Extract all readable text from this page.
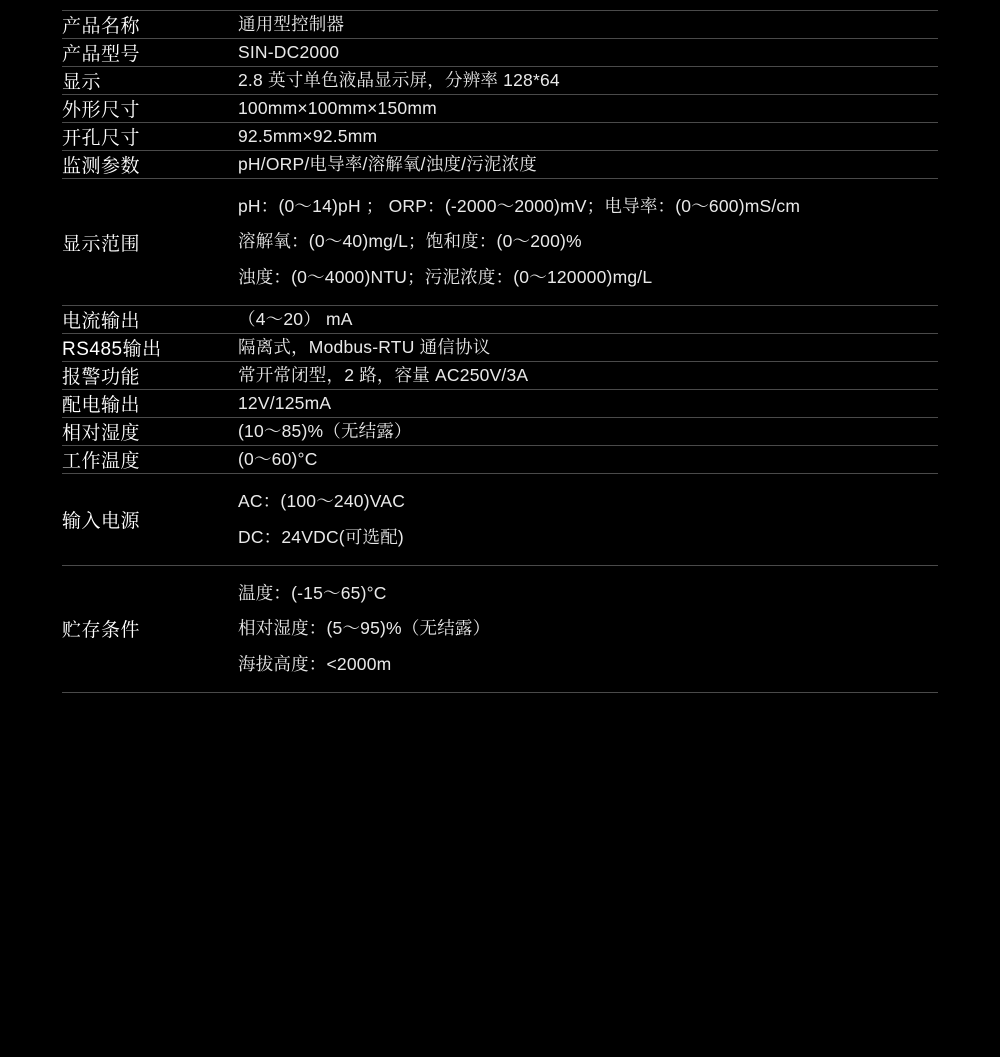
产品名称	通用型控制器

产品型号	SIN-DC2000

显示	2.8 英寸单色液晶显示屏，分辨率 128*64

外形尺寸	100mm×100mm×150mm

开孔尺寸	92.5mm×92.5mm

监测参数	pH/ORP/电导率/溶解氧/浊度/污泥浓度

显示范围	pH：(0～14)pH ； ORP：(-2000～2000)mV；电导率：(0～600)mS/cm
溶解氧：(0～40)mg/L；饱和度：(0～200)%
浊度：(0～4000)NTU；污泥浓度：(0～120000)mg/L

电流输出	（4～20） mA

RS485输出	隔离式，Modbus-RTU 通信协议

报警功能	常开常闭型，2 路，容量 AC250V/3A

配电输出	12V/125mA

相对湿度	(10～85)%（无结露）

工作温度	(0～60)°C

输入电源	AC：(100～240)VAC
DC：24VDC(可选配)

贮存条件	温度：(-15～65)°C
相对湿度：(5～95)%（无结露）
海拔高度：<2000m
